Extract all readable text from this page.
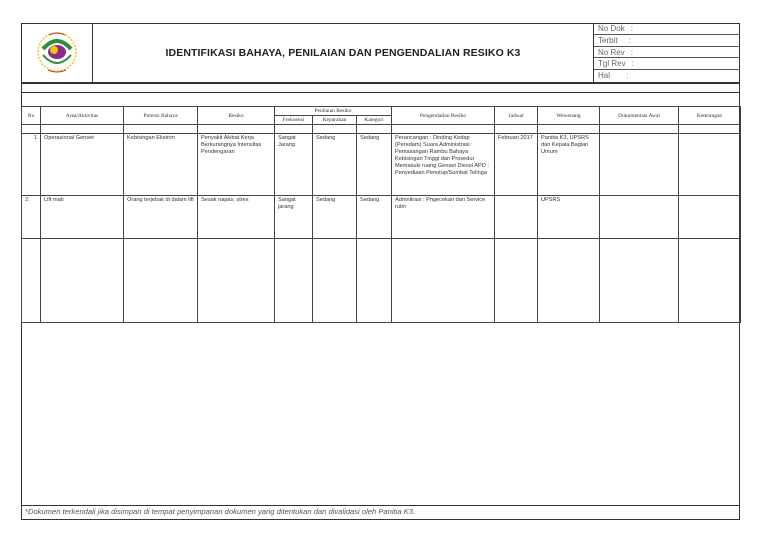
IDENTIFIKASI BAHAYA, PENILAIAN DAN PENGENDALIAN RESIKO K3
No Dok :
Terbit :
No Rev :
Tgl Rev :
Hal :
No	Area/Aktivitas	Potensi Bahaya	Resiko	Penilaian Resiko			Pengendalian Resiko	Jadwal	Wewenang	Dokumentasi Awal	Keterangan
				Frekuensi	Keparahan	Kategori					

1	Operasional Genset	Kebisingan Ekstrim	Penyakit Akibat Kerja Berkurangnya Intensitas Pendengaran	Sangat Jarang	Sedang	Sedang	Perancangan : Dinding Kedap (Peredam) Suara Administrasi : Pemasangan Rambu Bahaya Kebisingan Tinggi dan Prosedur Memasuki ruang Genset Diesel APD : Penyediaan Penutup/Sumbat Telinga	Februari 2017	Panitia K3, UPSRS dan Kepala Bagian Umum		
2.	Lift mati	Orang terjebak di dalam lift	Sesak napas, stres	Sangat jarang	Sedang	Sedang	Admnitrasi : Pngecekan dan Service rutin		UPSRS		

*Dokumen terkendali jika disimpan di tempat penyimpanan dokumen yang ditentukan dan divalidasi oleh Panitia K3.
